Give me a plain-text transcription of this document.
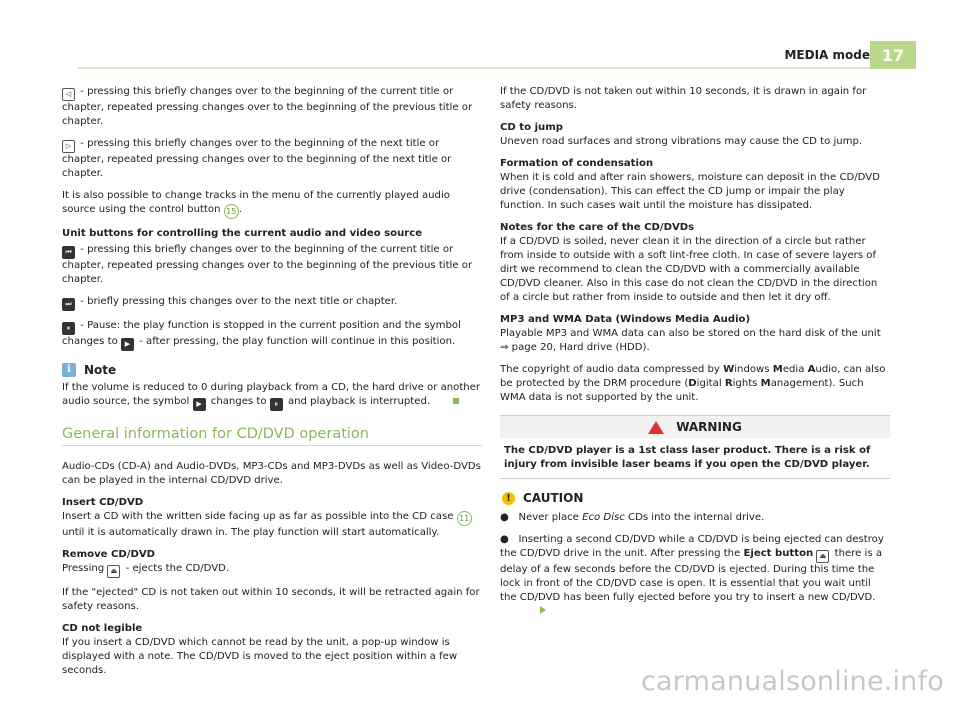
MEDIA mode 17

◁ - pressing this briefly changes over to the beginning of the current title or chapter, repeated pressing changes over to the beginning of the previous title or chapter.

▷ - pressing this briefly changes over to the beginning of the next title or chapter, repeated pressing changes over to the beginning of the next title or chapter.

It is also possible to change tracks in the menu of the currently played audio source using the control button 15 .

Unit buttons for controlling the current audio and video source

⏮ - pressing this briefly changes over to the beginning of the current title or chapter, repeated pressing changes over to the beginning of the previous title or chapter.

⏭ - briefly pressing this changes over to the next title or chapter.

⏸ - Pause: the play function is stopped in the current position and the symbol changes to ▶ - after pressing, the play function will continue in this position.

i	Note

If the volume is reduced to 0 during playback from a CD, the hard drive or another audio source, the symbol ▶ changes to ⏸ and playback is interrupted.

General information for CD/DVD operation

Audio-CDs (CD-A) and Audio-DVDs, MP3-CDs and MP3-DVDs as well as Video-DVDs can be played in the internal CD/DVD drive.

Insert CD/DVD
Insert a CD with the written side facing up as far as possible into the CD case 11 until it is automatically drawn in. The play function will start automatically.

Remove CD/DVD
Pressing ⏏ - ejects the CD/DVD.

If the "ejected" CD is not taken out within 10 seconds, it will be retracted again for safety reasons.

CD not legible
If you insert a CD/DVD which cannot be read by the unit, a pop-up window is displayed with a note. The CD/DVD is moved to the eject position within a few seconds.

If the CD/DVD is not taken out within 10 seconds, it is drawn in again for safety reasons.

CD to jump
Uneven road surfaces and strong vibrations may cause the CD to jump.

Formation of condensation
When it is cold and after rain showers, moisture can deposit in the CD/DVD drive (condensation). This can effect the CD jump or impair the play function. In such cases wait until the moisture has dissipated.

Notes for the care of the CD/DVDs
If a CD/DVD is soiled, never clean it in the direction of a circle but rather from inside to outside with a soft lint-free cloth. In case of severe layers of dirt we recommend to clean the CD/DVD with a commercially available CD/DVD cleaner. Also in this case do not clean the CD/DVD in the direction of a circle but rather from inside to outside and then let it dry off.

MP3 and WMA Data (Windows Media Audio)
Playable MP3 and WMA data can also be stored on the hard disk of the unit
⇒ page 20, Hard drive (HDD).

The copyright of audio data compressed by Windows Media Audio, can also be protected by the DRM procedure (Digital Rights Management). Such WMA data is not supported by the unit.

WARNING
The CD/DVD player is a 1st class laser product. There is a risk of injury from invisible laser beams if you open the CD/DVD player.
!	CAUTION

●   Never place Eco Disc CDs into the internal drive.

●   Inserting a second CD/DVD while a CD/DVD is being ejected can destroy the CD/DVD drive in the unit. After pressing the Eject button ⏏ there is a delay of a few seconds before the CD/DVD is ejected. During this time the lock in front of the CD/DVD case is open. It is essential that you wait until the CD/DVD has been fully ejected before you try to insert a new CD/DVD.

carmanualsonline.info
